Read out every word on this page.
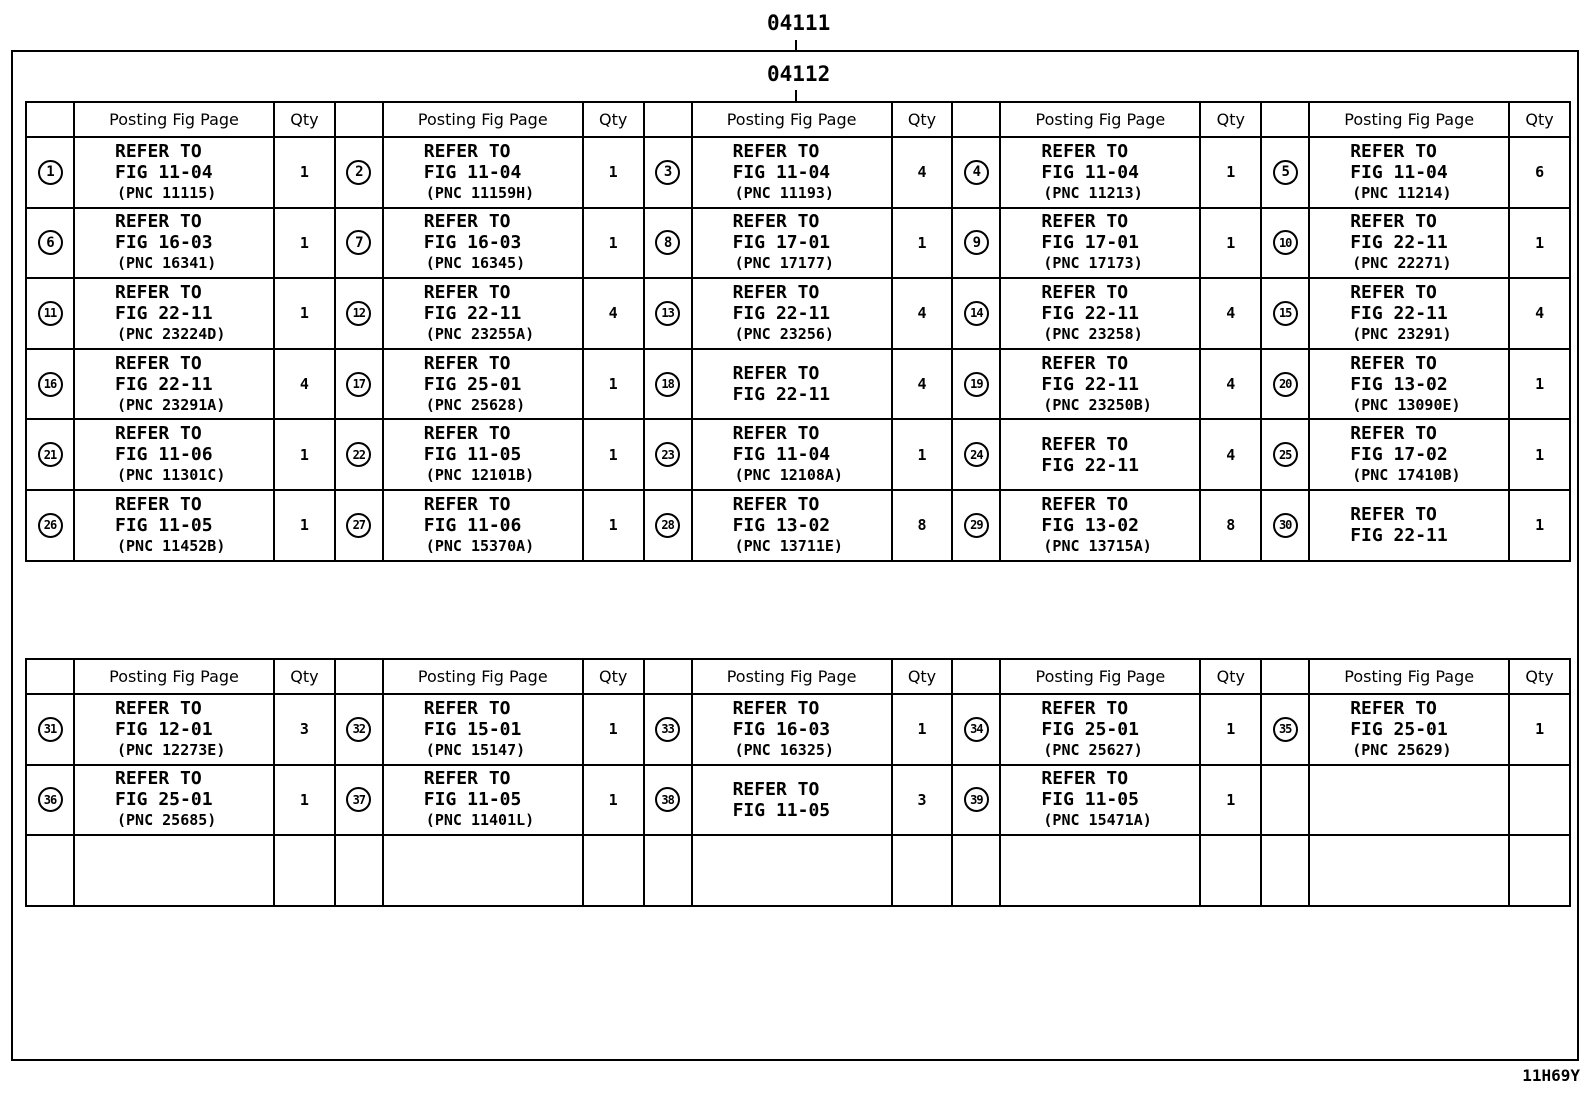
04111
04112
	Posting Fig Page	Qty		Posting Fig Page	Qty		Posting Fig Page	Qty		Posting Fig Page	Qty		Posting Fig Page	Qty

1	REFER TO
FIG 11-04
(PNC 11115)	1	2	REFER TO
FIG 11-04
(PNC 11159H)	1	3	REFER TO
FIG 11-04
(PNC 11193)	4	4	REFER TO
FIG 11-04
(PNC 11213)	1	5	REFER TO
FIG 11-04
(PNC 11214)	6

6	REFER TO
FIG 16-03
(PNC 16341)	1	7	REFER TO
FIG 16-03
(PNC 16345)	1	8	REFER TO
FIG 17-01
(PNC 17177)	1	9	REFER TO
FIG 17-01
(PNC 17173)	1	10	REFER TO
FIG 22-11
(PNC 22271)	1

11	REFER TO
FIG 22-11
(PNC 23224D)	1	12	REFER TO
FIG 22-11
(PNC 23255A)	4	13	REFER TO
FIG 22-11
(PNC 23256)	4	14	REFER TO
FIG 22-11
(PNC 23258)	4	15	REFER TO
FIG 22-11
(PNC 23291)	4

16	REFER TO
FIG 22-11
(PNC 23291A)	4	17	REFER TO
FIG 25-01
(PNC 25628)	1	18	REFER TO
FIG 22-11	4	19	REFER TO
FIG 22-11
(PNC 23250B)	4	20	REFER TO
FIG 13-02
(PNC 13090E)	1

21	REFER TO
FIG 11-06
(PNC 11301C)	1	22	REFER TO
FIG 11-05
(PNC 12101B)	1	23	REFER TO
FIG 11-04
(PNC 12108A)	1	24	REFER TO
FIG 22-11	4	25	REFER TO
FIG 17-02
(PNC 17410B)	1

26	REFER TO
FIG 11-05
(PNC 11452B)	1	27	REFER TO
FIG 11-06
(PNC 15370A)	1	28	REFER TO
FIG 13-02
(PNC 13711E)	8	29	REFER TO
FIG 13-02
(PNC 13715A)	8	30	REFER TO
FIG 22-11	1
	Posting Fig Page	Qty		Posting Fig Page	Qty		Posting Fig Page	Qty		Posting Fig Page	Qty		Posting Fig Page	Qty

31	REFER TO
FIG 12-01
(PNC 12273E)	3	32	REFER TO
FIG 15-01
(PNC 15147)	1	33	REFER TO
FIG 16-03
(PNC 16325)	1	34	REFER TO
FIG 25-01
(PNC 25627)	1	35	REFER TO
FIG 25-01
(PNC 25629)	1

36	REFER TO
FIG 25-01
(PNC 25685)	1	37	REFER TO
FIG 11-05
(PNC 11401L)	1	38	REFER TO
FIG 11-05	3	39	REFER TO
FIG 11-05
(PNC 15471A)	1	

11H69Y
